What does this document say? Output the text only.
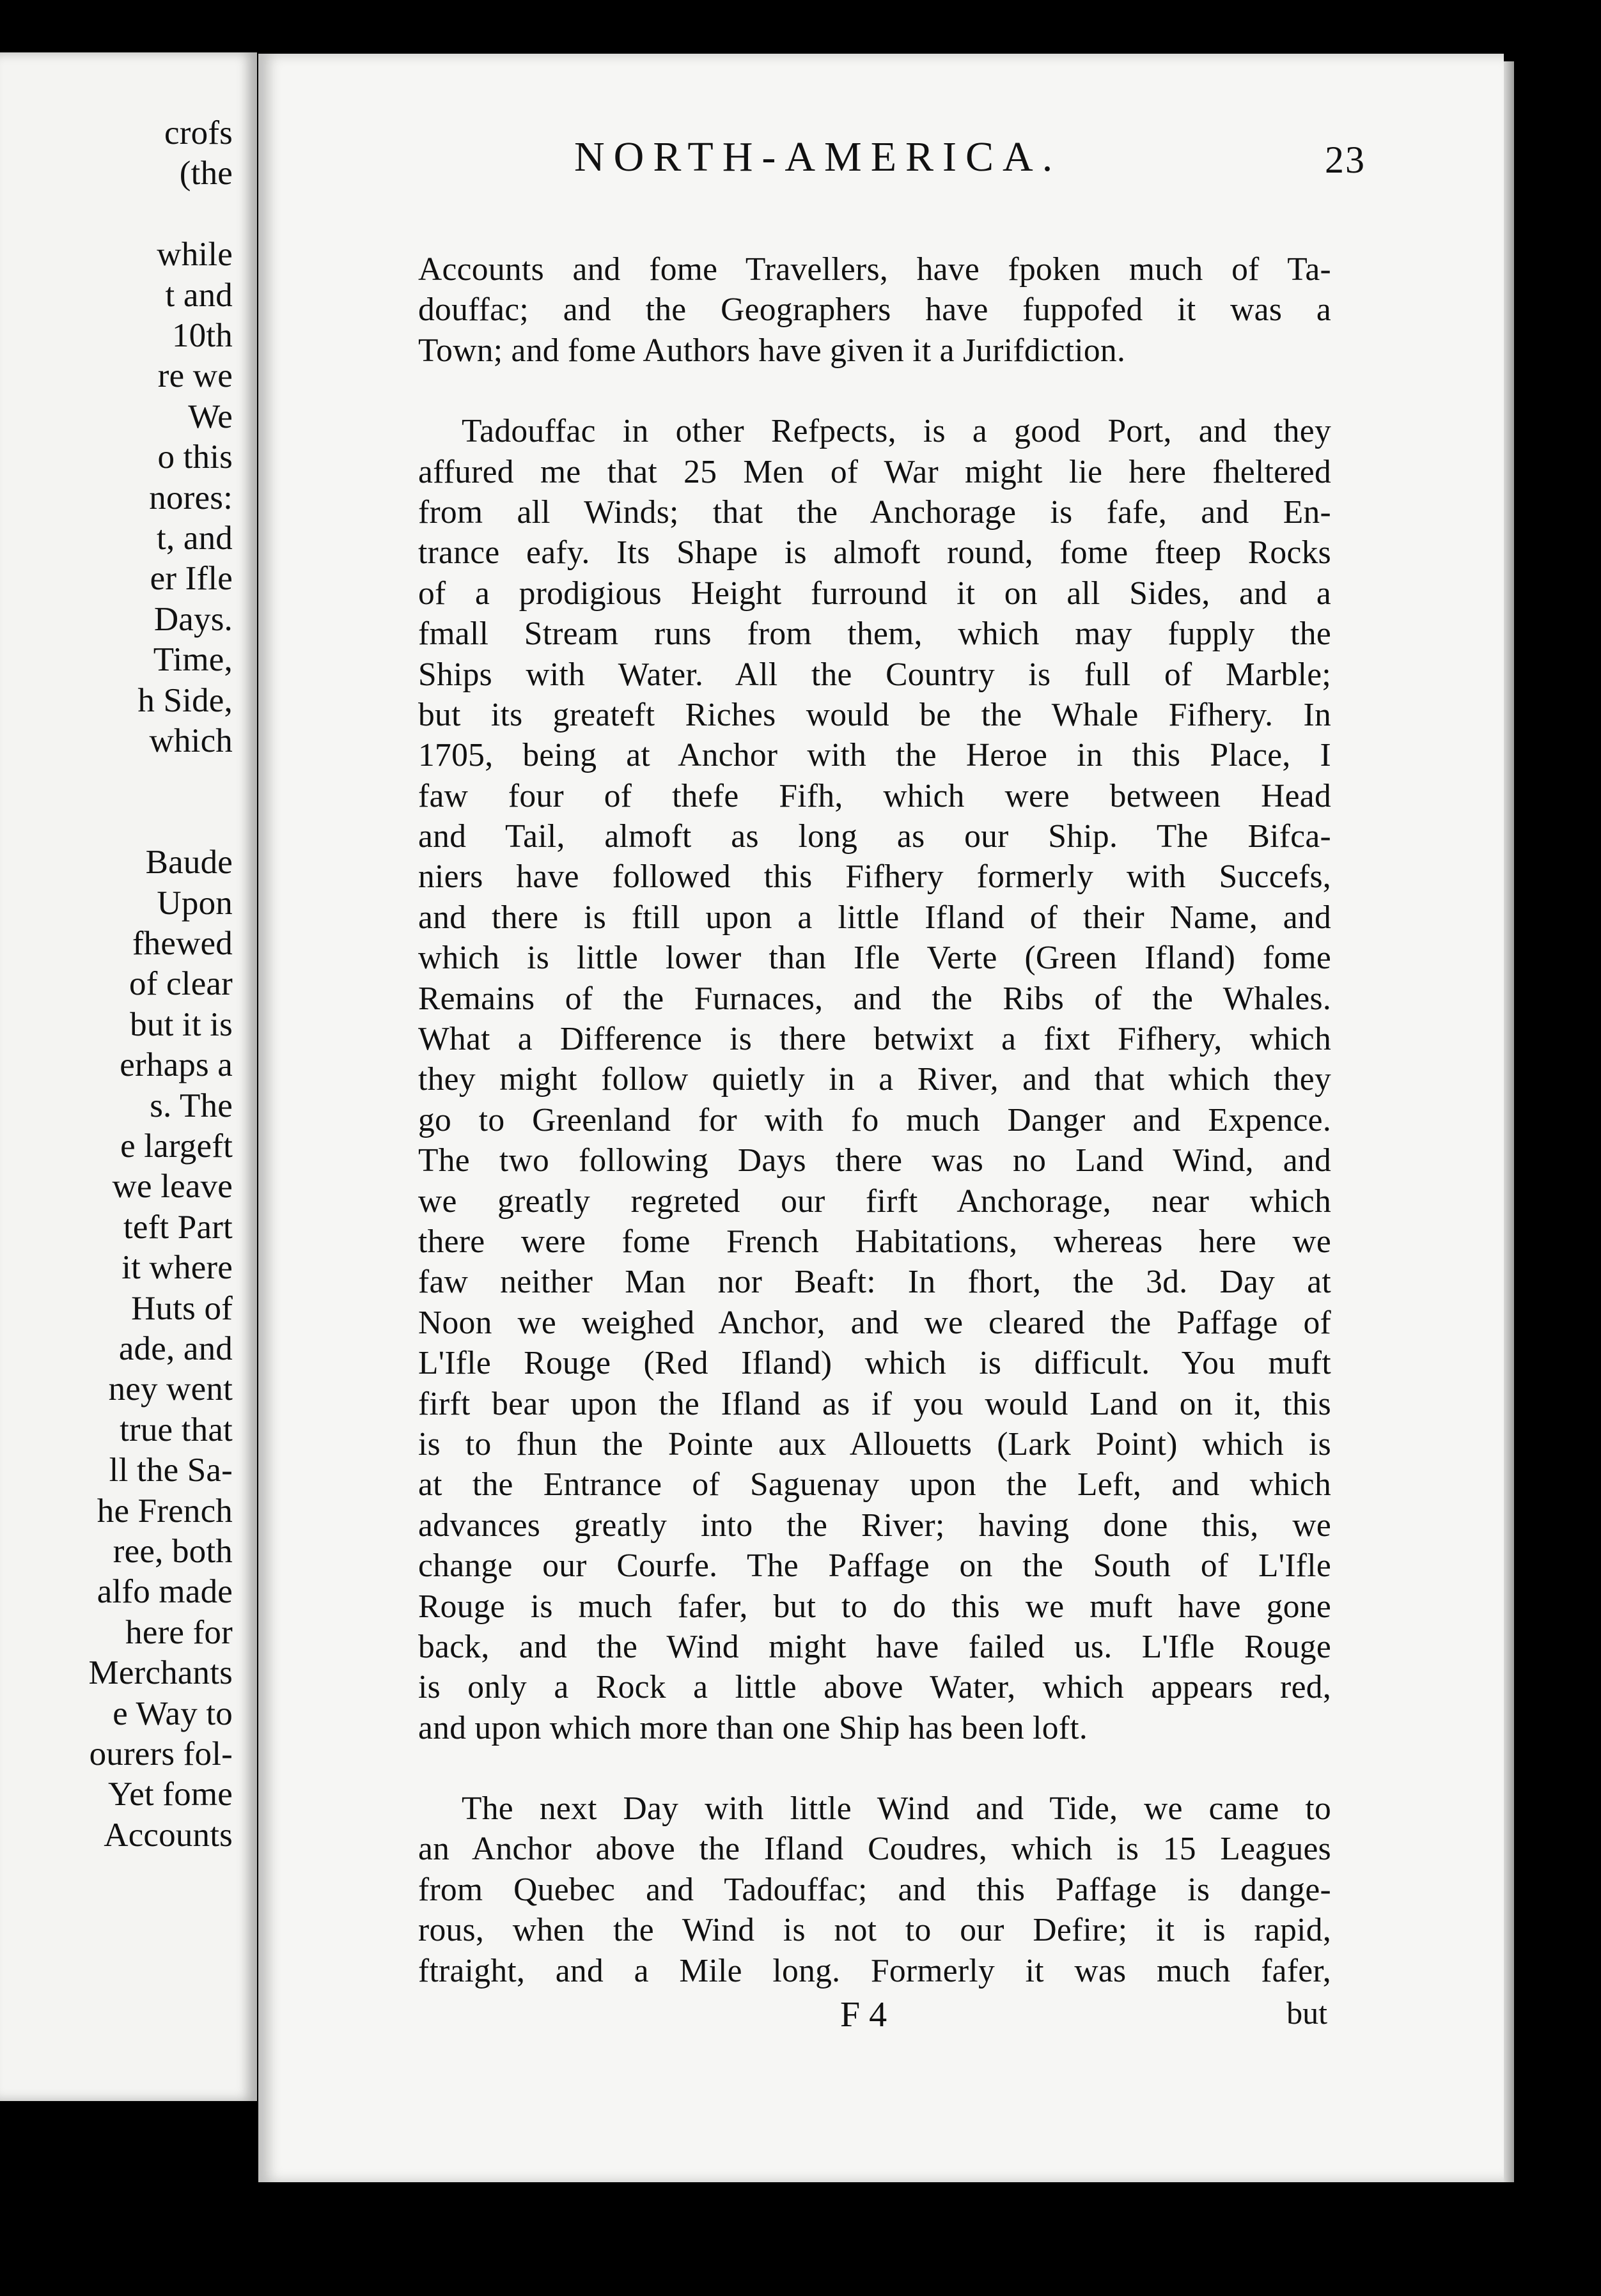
crofs
(the
while
t and
10th
re we
We
o this
nores:
t, and
er Ifle
Days.
Time,
h Side,
which
Baude
Upon
fhewed
of clear
but it is
erhaps a
s. The
e largeft
we leave
teft Part
it where
Huts of
ade, and
ney went
true that
ll the Sa-
he French
ree, both
alfo made
here for
Merchants
e Way to
ourers fol-
Yet fome
Accounts
NORTH-AMERICA.	23
Accounts and fome Travellers, have fpoken much of Ta-
douffac; and the Geographers have fuppofed it was a
Town; and fome Authors have given it a Jurifdiction.
Tadouffac in other Refpects, is a good Port, and they
affured me that 25 Men of War might lie here fheltered
from all Winds; that the Anchorage is fafe, and En-
trance eafy. Its Shape is almoft round, fome fteep Rocks
of a prodigious Height furround it on all Sides, and a
fmall Stream runs from them, which may fupply the
Ships with Water. All the Country is full of Marble;
but its greateft Riches would be the Whale Fifhery. In
1705, being at Anchor with the Heroe in this Place, I
faw four of thefe Fifh, which were between Head
and Tail, almoft as long as our Ship. The Bifca-
niers have followed this Fifhery formerly with Succefs,
and there is ftill upon a little Ifland of their Name, and
which is little lower than Ifle Verte (Green Ifland) fome
Remains of the Furnaces, and the Ribs of the Whales.
What a Difference is there betwixt a fixt Fifhery, which
they might follow quietly in a River, and that which they
go to Greenland for with fo much Danger and Expence.
The two following Days there was no Land Wind, and
we greatly regreted our firft Anchorage, near which
there were fome French Habitations, whereas here we
faw neither Man nor Beaft: In fhort, the 3d. Day at
Noon we weighed Anchor, and we cleared the Paffage of
L'Ifle Rouge (Red Ifland) which is difficult. You muft
firft bear upon the Ifland as if you would Land on it, this
is to fhun the Pointe aux Allouetts (Lark Point) which is
at the Entrance of Saguenay upon the Left, and which
advances greatly into the River; having done this, we
change our Courfe. The Paffage on the South of L'Ifle
Rouge is much fafer, but to do this we muft have gone
back, and the Wind might have failed us. L'Ifle Rouge
is only a Rock a little above Water, which appears red,
and upon which more than one Ship has been loft.
The next Day with little Wind and Tide, we came to
an Anchor above the Ifland Coudres, which is 15 Leagues
from Quebec and Tadouffac; and this Paffage is dange-
rous, when the Wind is not to our Defire; it is rapid,
ftraight, and a Mile long. Formerly it was much fafer,
F 4	but
